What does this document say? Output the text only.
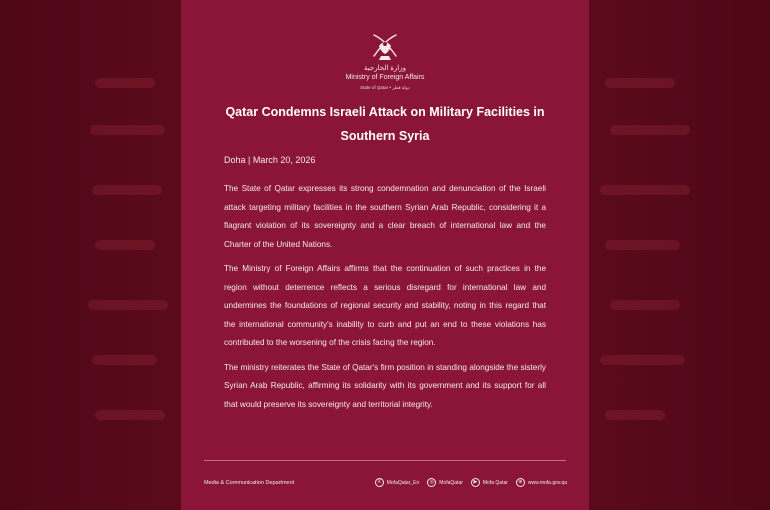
وزارة الخارجية
Ministry of Foreign Affairs
State of Qatar • دولة قطر
Qatar Condemns Israeli Attack on Military Facilities in Southern Syria
Doha | March 20, 2026

The State of Qatar expresses its strong condemnation and denunciation of the Israeli attack targeting military facilities in the southern Syrian Arab Republic, considering it a flagrant violation of its sovereignty and a clear breach of international law and the Charter of the United Nations.

The Ministry of Foreign Affairs affirms that the continuation of such practices in the region without deterrence reflects a serious disregard for international law and undermines the foundations of regional security and stability, noting in this regard that the international community's inability to curb and put an end to these violations has contributed to the worsening of the crisis facing the region.

The ministry reiterates the State of Qatar's firm position in standing alongside the sisterly Syrian Arab Republic, affirming its solidarity with its government and its support for all that would preserve its sovereignty and territorial integrity.

Media & Communication Department	X	MofaQatar_En	◎	MofaQatar	▶	Mofa Qatar	⊕	www.mofa.gov.qa
